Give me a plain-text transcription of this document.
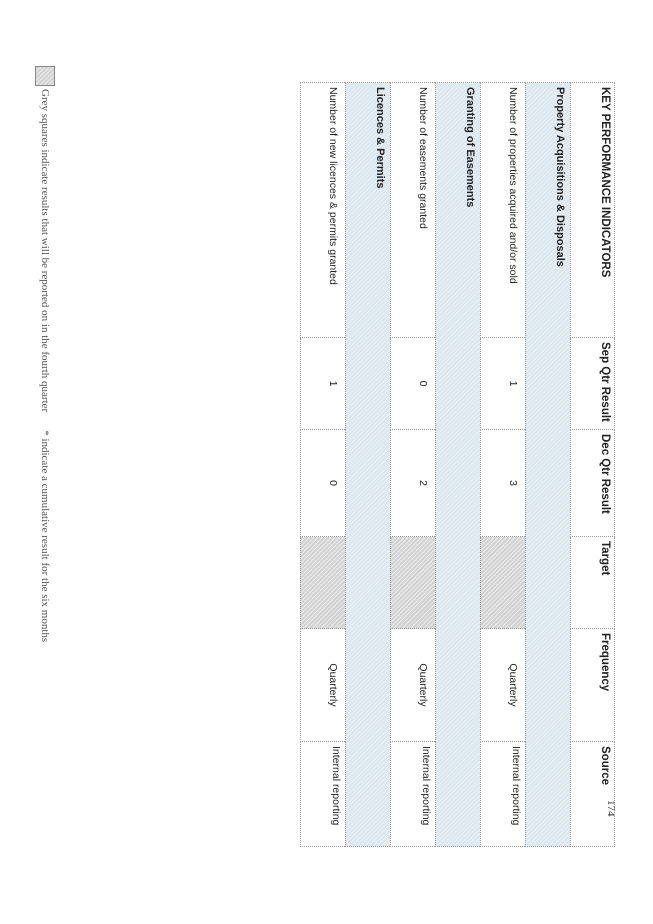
174
KEY PERFORMANCE INDICATORS	Sep Qtr Result	Dec Qtr Result	Target	Frequency	Source
Property Acquisitions & Disposals					
Number of properties acquired and/or sold	1	3		Quarterly	Internal reporting
Granting of Easements					
Number of easements granted	0	2		Quarterly	Internal reporting
Licences & Permits					
Number of new licences & permits granted	1	0		Quarterly	Internal reporting
Grey squares indicate results that will be reported on in the fourth quarter
* indicate a cumulative result for the six months
